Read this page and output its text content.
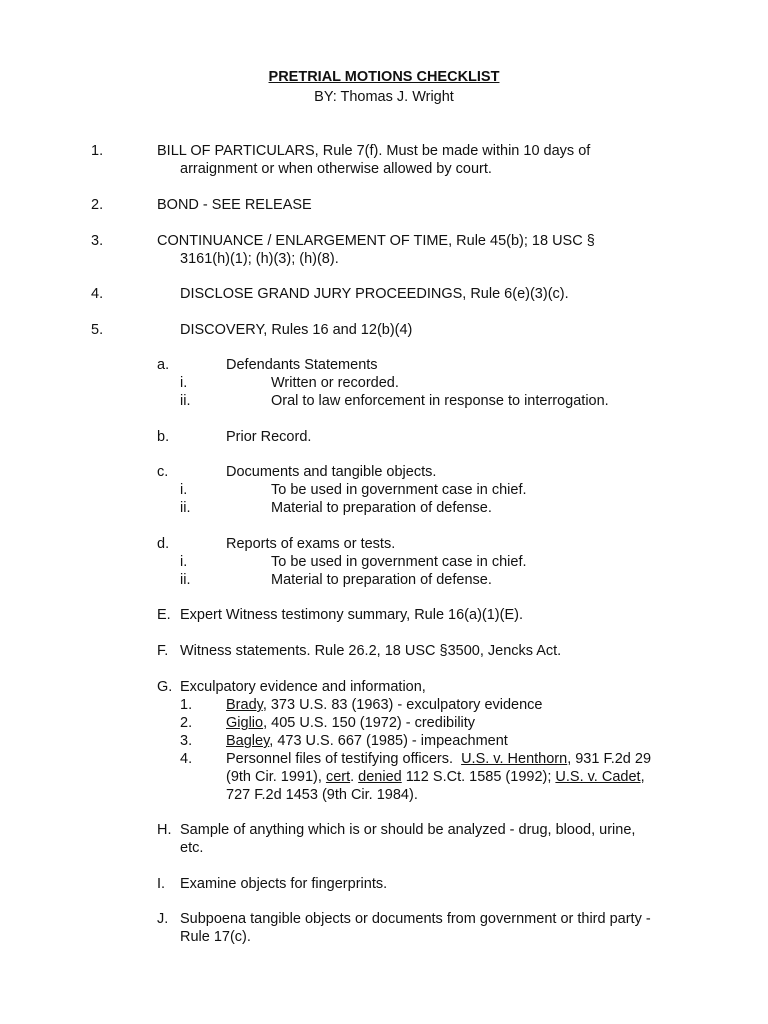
PRETRIAL MOTIONS CHECKLIST
BY: Thomas J. Wright
1.	BILL OF PARTICULARS, Rule 7(f). Must be made within 10 days of
arraignment or when otherwise allowed by court.
2.	BOND - SEE RELEASE
3.	CONTINUANCE / ENLARGEMENT OF TIME, Rule 45(b); 18 USC §
3161(h)(1); (h)(3); (h)(8).
4.	DISCLOSE GRAND JURY PROCEEDINGS, Rule 6(e)(3)(c).
5.	DISCOVERY, Rules 16 and 12(b)(4)
a.	Defendants Statements
i.	Written or recorded.
ii.	Oral to law enforcement in response to interrogation.
b.	Prior Record.
c.	Documents and tangible objects.
i.	To be used in government case in chief.
ii.	Material to preparation of defense.
d.	Reports of exams or tests.
i.	To be used in government case in chief.
ii.	Material to preparation of defense.
E. Expert Witness testimony summary, Rule 16(a)(1)(E).
F. Witness statements. Rule 26.2, 18 USC §3500, Jencks Act.
G. Exculpatory evidence and information,
1. Brady, 373 U.S. 83 (1963) - exculpatory evidence
2. Giglio, 405 U.S. 150 (1972) - credibility
3. Bagley, 473 U.S. 667 (1985) - impeachment
4. Personnel files of testifying officers.  U.S. v. Henthorn, 931 F.2d 29
(9th Cir. 1991), cert. denied 112 S.Ct. 1585 (1992); U.S. v. Cadet,
727 F.2d 1453 (9th Cir. 1984).
H. Sample of anything which is or should be analyzed - drug, blood, urine,
etc.
I. Examine objects for fingerprints.
J. Subpoena tangible objects or documents from government or third party -
Rule 17(c).
